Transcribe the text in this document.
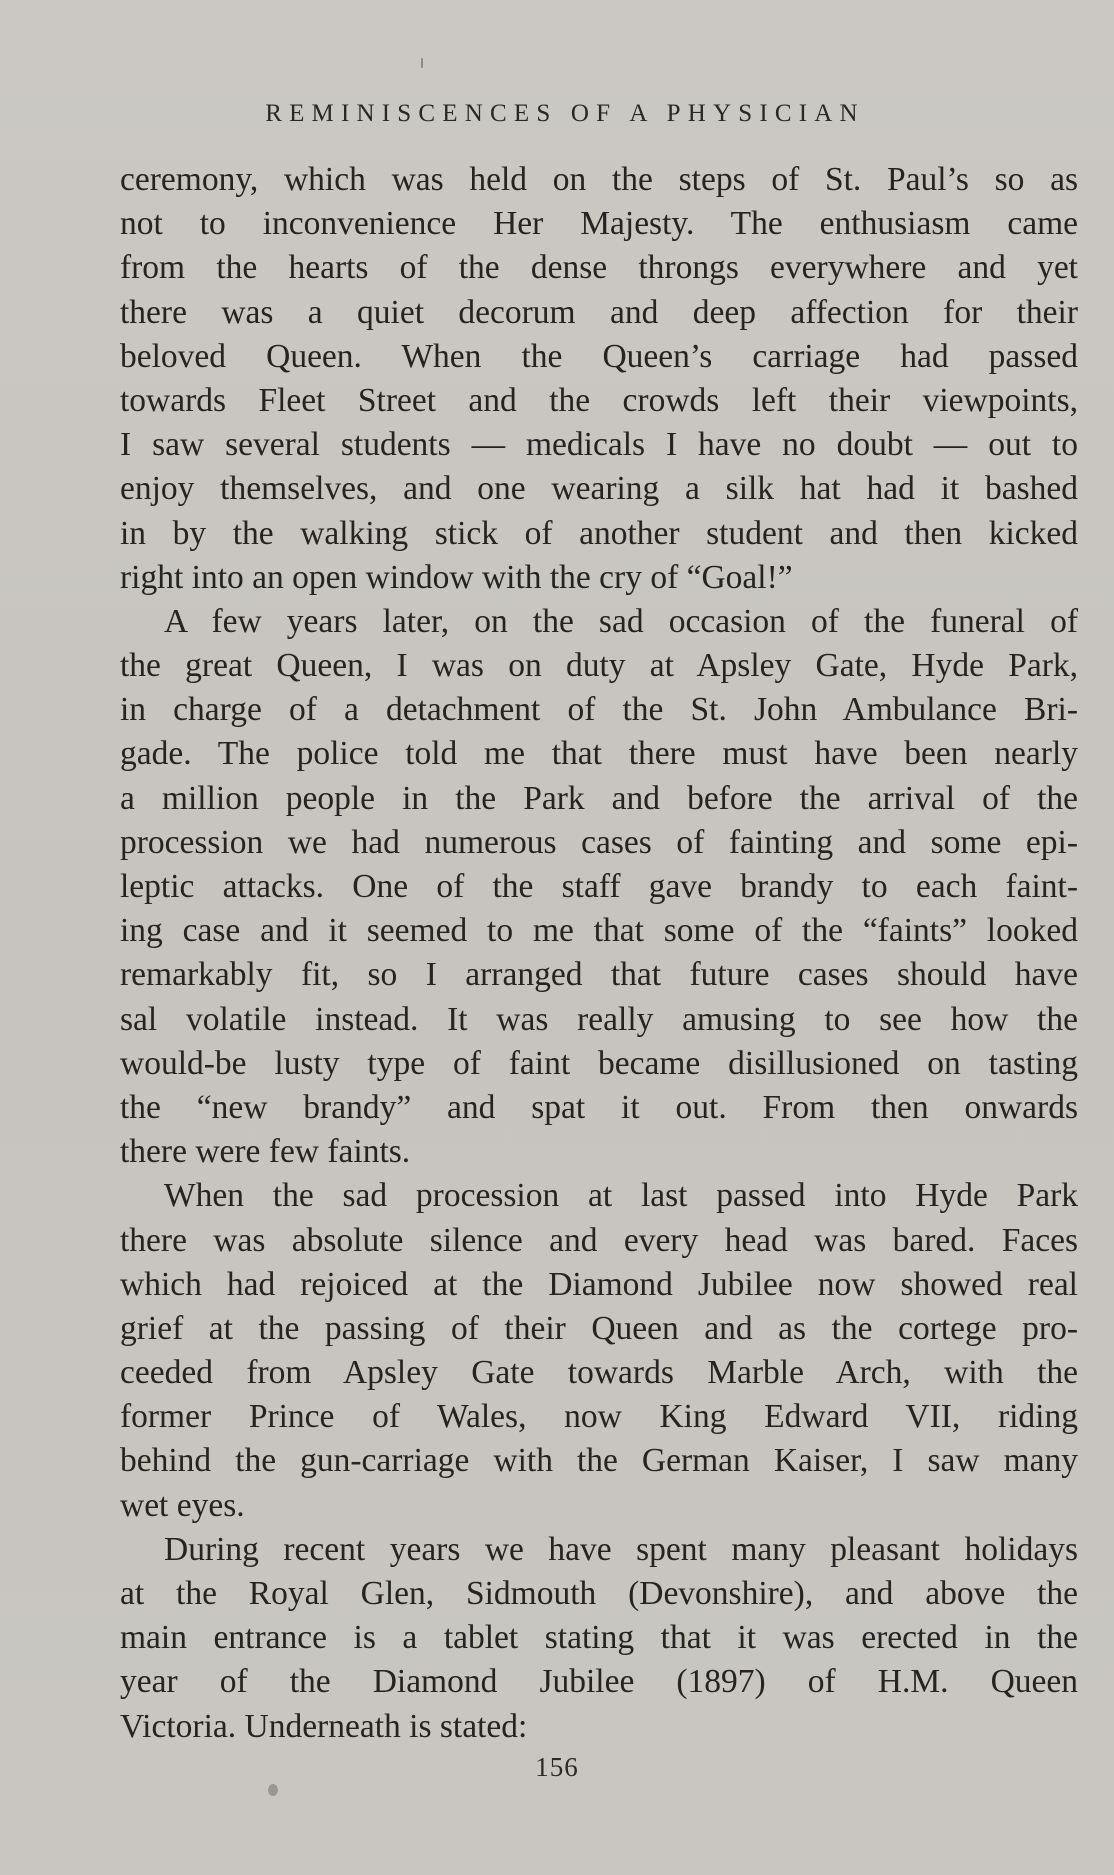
REMINISCENCES OF A PHYSICIAN
ceremony, which was held on the steps of St. Paul’s so as
not to inconvenience Her Majesty. The enthusiasm came
from the hearts of the dense throngs everywhere and yet
there was a quiet decorum and deep affection for their
beloved Queen. When the Queen’s carriage had passed
towards Fleet Street and the crowds left their viewpoints,
I saw several students — medicals I have no doubt — out to
enjoy themselves, and one wearing a silk hat had it bashed
in by the walking stick of another student and then kicked
right into an open window with the cry of “Goal!”
A few years later, on the sad occasion of the funeral of
the great Queen, I was on duty at Apsley Gate, Hyde Park,
in charge of a detachment of the St. John Ambulance Bri-
gade. The police told me that there must have been nearly
a million people in the Park and before the arrival of the
procession we had numerous cases of fainting and some epi-
leptic attacks. One of the staff gave brandy to each faint-
ing case and it seemed to me that some of the “faints” looked
remarkably fit, so I arranged that future cases should have
sal volatile instead. It was really amusing to see how the
would-be lusty type of faint became disillusioned on tasting
the “new brandy” and spat it out. From then onwards
there were few faints.
When the sad procession at last passed into Hyde Park
there was absolute silence and every head was bared. Faces
which had rejoiced at the Diamond Jubilee now showed real
grief at the passing of their Queen and as the cortege pro-
ceeded from Apsley Gate towards Marble Arch, with the
former Prince of Wales, now King Edward VII, riding
behind the gun-carriage with the German Kaiser, I saw many
wet eyes.
During recent years we have spent many pleasant holidays
at the Royal Glen, Sidmouth (Devonshire), and above the
main entrance is a tablet stating that it was erected in the
year of the Diamond Jubilee (1897) of H.M. Queen
Victoria. Underneath is stated:
156
